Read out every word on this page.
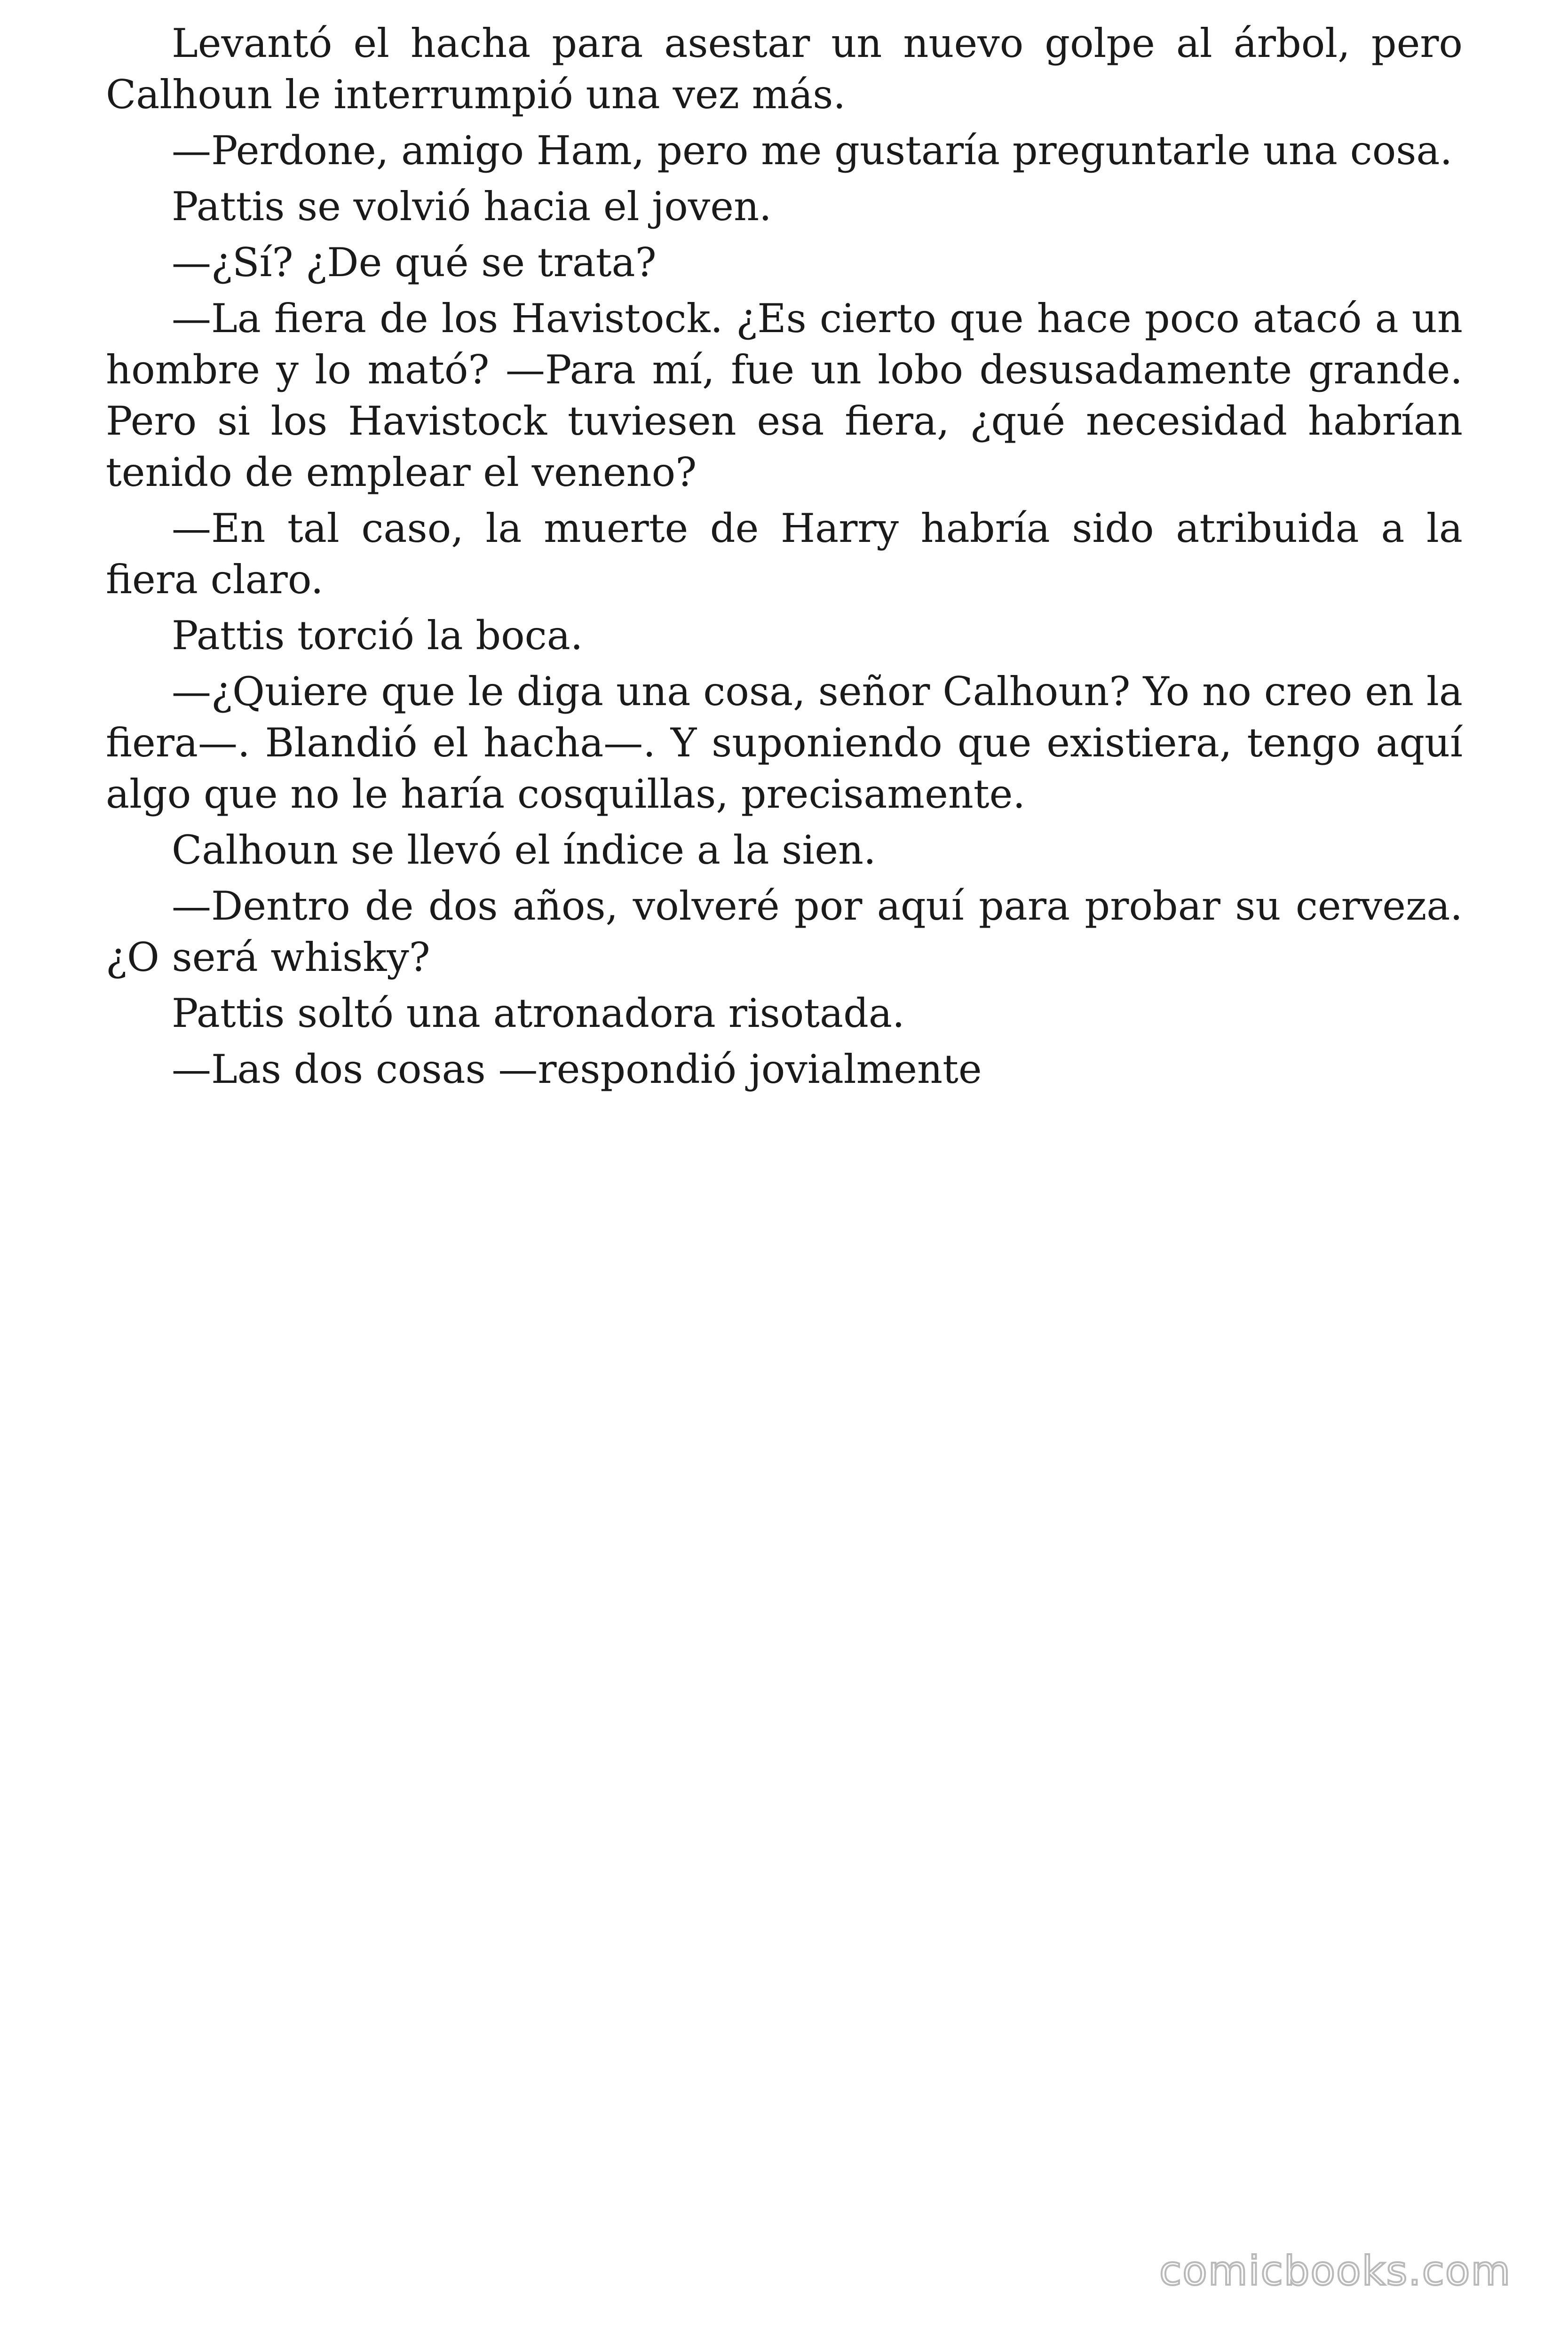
Levantó el hacha para asestar un nuevo golpe al árbol, pero Calhoun le interrumpió una vez más.

—Perdone, amigo Ham, pero me gustaría preguntarle una cosa.

Pattis se volvió hacia el joven.

—¿Sí? ¿De qué se trata?

—La fiera de los Havistock. ¿Es cierto que hace poco atacó a un hombre y lo mató? —Para mí, fue un lobo desusadamente grande. Pero si los Havistock tuviesen esa fiera, ¿qué necesidad habrían tenido de emplear el veneno?

—En tal caso, la muerte de Harry habría sido atribuida a la fiera claro.

Pattis torció la boca.

—¿Quiere que le diga una cosa, señor Calhoun? Yo no creo en la fiera—. Blandió el hacha—. Y suponiendo que existiera, tengo aquí algo que no le haría cosquillas, precisamente.

Calhoun se llevó el índice a la sien.

—Dentro de dos años, volveré por aquí para probar su cerveza. ¿O será whisky?

Pattis soltó una atronadora risotada.

—Las dos cosas —respondió jovialmente

comicbooks.com
